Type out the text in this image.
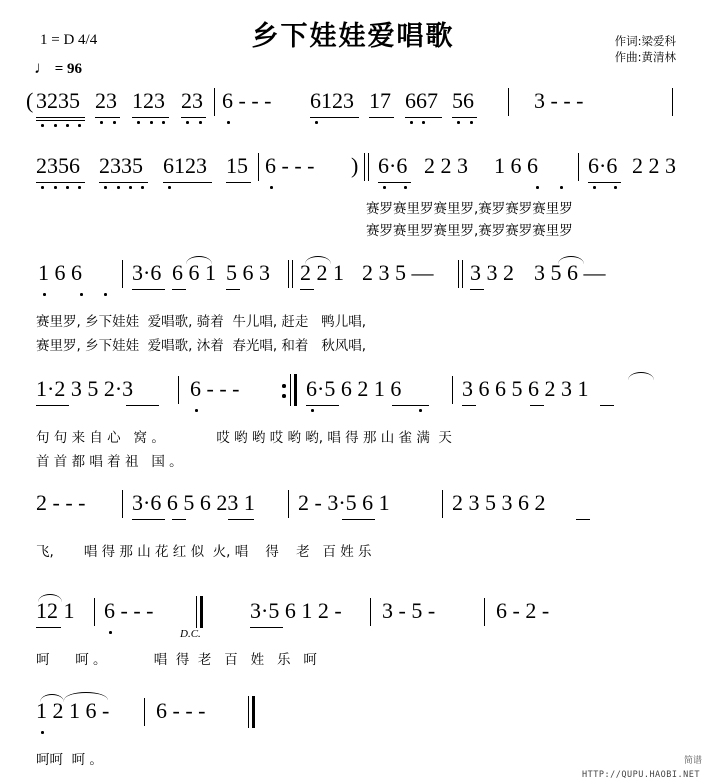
乡下娃娃爱唱歌	作词:梁爱科
作曲:黄清林
1 = D 4/4
♩ = 96
( 3235 23 123 23 6 - - - 6123 17 667 56	3 - - -
2356 2335 6123 15 6 - - - ) 6·6 2 2 3 1 6 6 6·6 2 2 3
赛罗赛里罗赛里罗,赛罗赛罗赛里罗
赛罗赛里罗赛里罗,赛罗赛罗赛里罗
1 6 6 3·6 6 6 1 5 6 3 2 2 1 2 3 5 — 3 3 2 3 5 6 —
赛里罗, 乡下娃娃  爱唱歌, 骑着  牛儿唱, 赶走   鸭儿唱,
赛里罗, 乡下娃娃  爱唱歌, 沐着  春光唱, 和着   秋风唱,
1·2 3 5 2·3	6 - - -	6·5 6 2 1 6	3 6 6 5 6 2 3 1
句 句 来 自 心   窝 。            哎 哟 哟 哎 哟 哟, 唱 得 那 山 雀 满  天
首 首 都 唱 着 祖   国 。
2 - - - 3·6 6 5 6 23 1 2 - 3·5 6 1	2 3 5 3 6 2
飞,       唱 得 那 山 花 红 似  火, 唱    得    老   百 姓 乐
12 1 6 - - -
D.C.
3·5 6 1 2 - 3 - 5 -	6 - 2 -
呵      呵 。           唱  得  老   百   姓   乐   呵
1 2 1 6 - 6 - - -
呵呵  呵 。	简谱
HTTP://QUPU.HAOBI.NET
